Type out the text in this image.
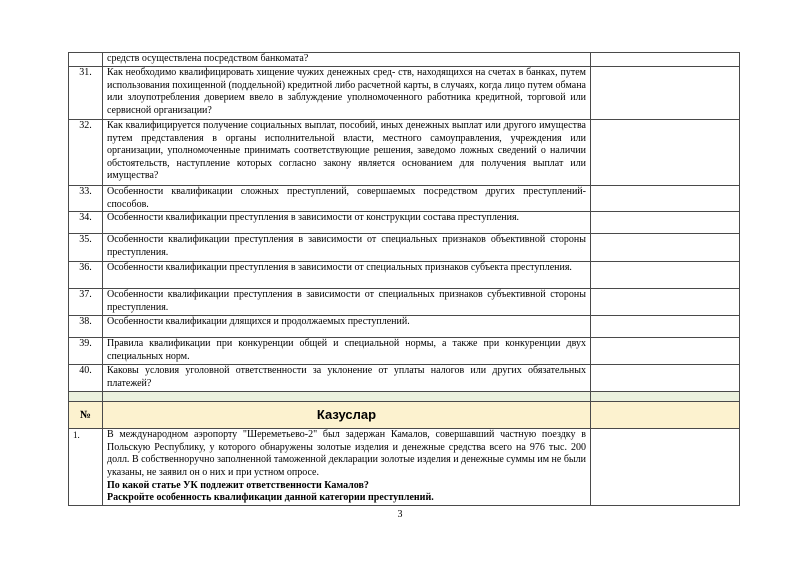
	средств осуществлена посредством банкомата?	
31.	Как необходимо квалифицировать хищение чужих денежных сред- ств, находящихся на счетах в банках, путем использования похищенной (поддельной) кредитной либо расчетной карты, в случаях, когда лицо путем обмана или злоупотребления доверием ввело в заблуждение уполномоченного работника кредитной, торговой или сервисной организации?	
32.	Как квалифицируется получение социальных выплат, пособий, иных денежных выплат или другого имущества путем представления в органы исполнительной власти, местного самоуправления, учреждения или организации, уполномоченные принимать соответствующие решения, заведомо ложных сведений о наличии обстоятельств, наступление которых согласно закону является основанием для получения выплат или имущества?	
33.	Особенности квалификации сложных преступлений, совершаемых посредством других преступлений-способов.	
34.	Особенности квалификации преступления в зависимости от конструкции состава преступления.	
35.	Особенности квалификации преступления в зависимости от специальных признаков объективной стороны преступления.	
36.	Особенности квалификации преступления в зависимости от специальных признаков субъекта преступления.	
37.	Особенности квалификации преступления в зависимости от специальных признаков субъективной стороны преступления.	
38.	Особенности квалификации длящихся и продолжаемых преступлений.	
39.	Правила квалификации при конкуренции общей и специальной нормы, а также при конкуренции двух специальных норм.	
40.	Каковы условия уголовной ответственности за уклонение от уплаты налогов или других обязательных платежей?	

№	Казуслар	
1.	В международном аэропорту "Шереметьево-2" был задержан Камалов, совершавший частную поездку в Польскую Республику, у которого обнаружены золотые изделия и денежные средства всего на 976 тыс. 200 долл. В собственноручно заполненной таможенной декларации золотые изделия и денежные суммы им не были указаны, не заявил он о них и при устном опросе.
По какой статье УК подлежит ответственности Камалов?
Раскройте особенность квалификации данной категории преступлений.	

3
